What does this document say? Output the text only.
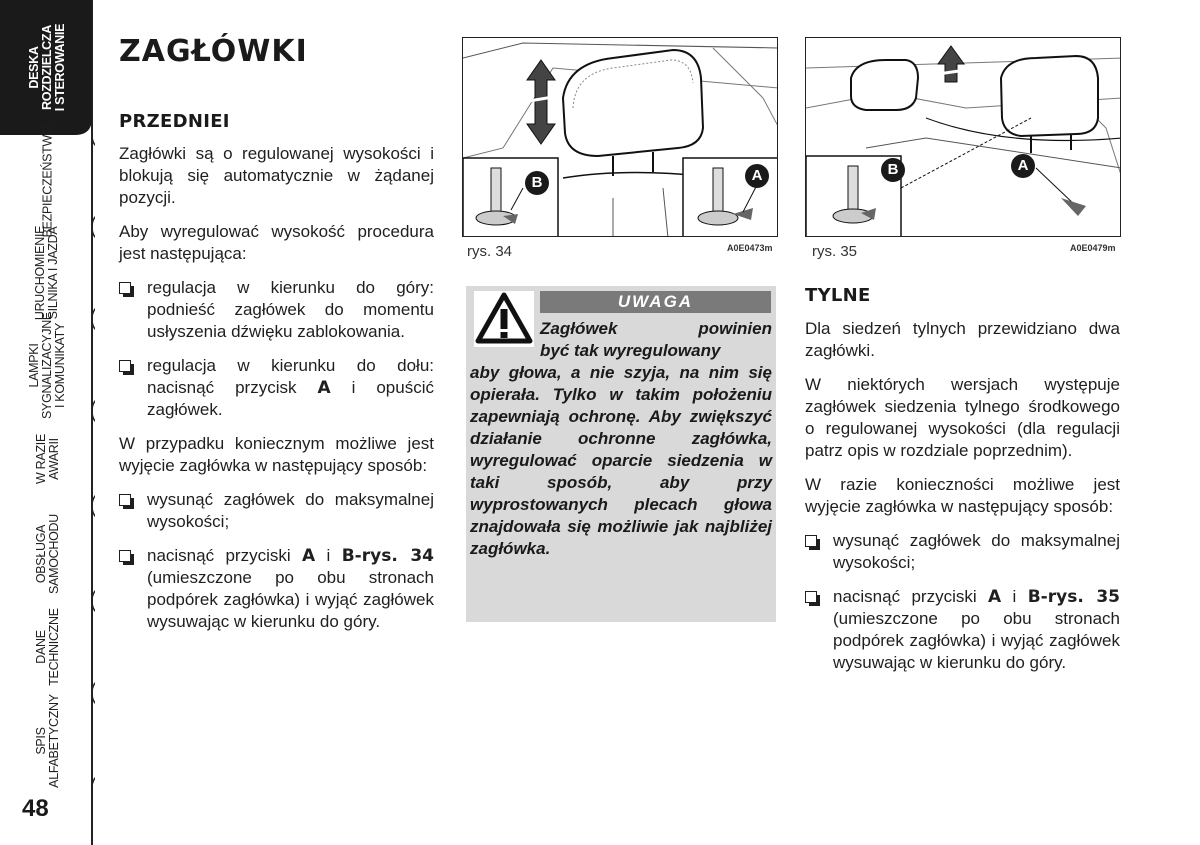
DESKA
ROZDZIELCZA
I STEROWANIE
BEZPIECZEŃSTWO
URUCHOMIENIE
SILNIKA I JAZDA
LAMPKI
SYGNALIZACYJNE
I KOMUNIKATY
W RAZIE
AWARII
OBSŁUGA
SAMOCHODU
DANE
TECHNICZNE
SPIS
ALFABETYCZNY
48
ZAGŁÓWKI
PRZEDNIEI

Zagłówki są o regulowanej wysokości i blokują się automatycznie w żądanej pozycji.

Aby wyregulować wysokość procedura jest następująca:

regulacja w kierunku do góry: podnieść zagłówek do momentu usłyszenia dźwięku zablokowania.
regulacja w kierunku do dołu: nacisnąć przycisk A i opuścić zagłówek.

W przypadku koniecznym możliwe jest wyjęcie zagłówka w następujący sposób:

wysunąć zagłówek do maksymalnej wysokości;
nacisnąć przyciski A i B-rys. 34 (umieszczone po obu stronach podpórek zagłówka) i wyjąć zagłówek wysuwając w kierunku do góry.
B	A
rys. 34	A0E0473m
UWAGA
Zagłówek powinien
być tak wyregulowany
aby głowa, a nie szyja, na nim się opierała. Tylko w takim położeniu zapewniają ochronę. Aby zwiększyć działanie ochronne zagłówka, wyregulować oparcie siedzenia w taki sposób, aby przy wyprostowanych plecach głowa znajdowała się możliwie jak najbliżej zagłówka.
B	A
rys. 35	A0E0479m
TYLNE

Dla siedzeń tylnych przewidziano dwa zagłówki.

W niektórych wersjach występuje zagłówek siedzenia tylnego środkowego o regulowanej wysokości (dla regulacji patrz opis w rozdziale poprzednim).

W razie konieczności możliwe jest wyjęcie zagłówka w następujący sposób:

wysunąć zagłówek do maksymalnej wysokości;
nacisnąć przyciski A i B-rys. 35 (umieszczone po obu stronach podpórek zagłówka) i wyjąć zagłówek wysuwając w kierunku do góry.
